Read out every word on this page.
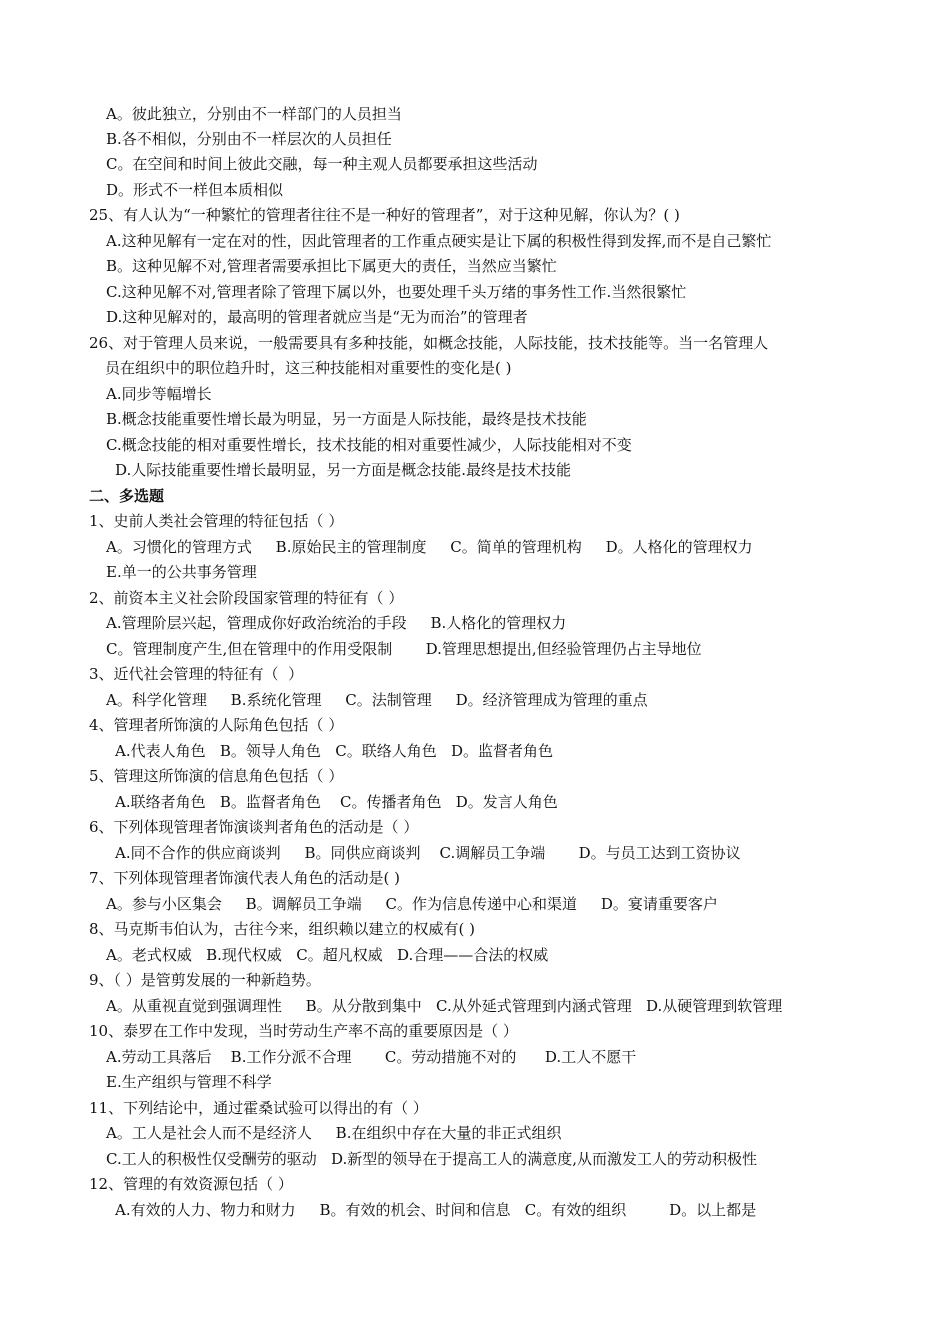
A。彼此独立，分别由不一样部门的人员担当
B.各不相似，分别由不一样层次的人员担任
C。在空间和时间上彼此交融，每一种主观人员都要承担这些活动
D。形式不一样但本质相似
25、有人认为“一种繁忙的管理者往往不是一种好的管理者”，对于这种见解，你认为？( )
A.这种见解有一定在对的性，因此管理者的工作重点硬实是让下属的积极性得到发挥,而不是自己繁忙
B。这种见解不对,管理者需要承担比下属更大的责任，当然应当繁忙
C.这种见解不对,管理者除了管理下属以外，也要处理千头万绪的事务性工作.当然很繁忙
D.这种见解对的，最高明的管理者就应当是“无为而治”的管理者
26、对于管理人员来说，一般需要具有多种技能，如概念技能，人际技能，技术技能等。当一名管理人
员在组织中的职位趋升时，这三种技能相对重要性的变化是( )
A.同步等幅增长
B.概念技能重要性增长最为明显，另一方面是人际技能，最终是技术技能
C.概念技能的相对重要性增长，技术技能的相对重要性减少，人际技能相对不变
D.人际技能重要性增长最明显，另一方面是概念技能.最终是技术技能
二、多选题
1、史前人类社会管理的特征包括（ ）
A。习惯化的管理方式     B.原始民主的管理制度     C。简单的管理机构     D。人格化的管理权力
E.单一的公共事务管理
2、前资本主义社会阶段国家管理的特征有（ ）
A.管理阶层兴起，管理成你好政治统治的手段     B.人格化的管理权力
C。管理制度产生,但在管理中的作用受限制       D.管理思想提出,但经验管理仍占主导地位
3、近代社会管理的特征有（  ）
A。科学化管理     B.系统化管理     C。法制管理     D。经济管理成为管理的重点
4、管理者所饰演的人际角色包括（ ）
A.代表人角色   B。领导人角色   C。联络人角色   D。监督者角色
5、管理这所饰演的信息角色包括（ ）
A.联络者角色   B。监督者角色    C。传播者角色   D。发言人角色
6、下列体现管理者饰演谈判者角色的活动是（ ）
A.同不合作的供应商谈判     B。同供应商谈判    C.调解员工争端       D。与员工达到工资协议
7、下列体现管理者饰演代表人角色的活动是( )
A。参与小区集会     B。调解员工争端     C。作为信息传递中心和渠道     D。宴请重要客户
8、马克斯韦伯认为，古往今来，组织赖以建立的权威有( )
A。老式权威   B.现代权威   C。超凡权威   D.合理——合法的权威
9、（ ）是管剪发展的一种新趋势。
A。从重视直觉到强调理性     B。从分散到集中   C.从外延式管理到内涵式管理   D.从硬管理到软管理
10、泰罗在工作中发现，当时劳动生产率不高的重要原因是（ ）
A.劳动工具落后    B.工作分派不合理       C。劳动措施不对的      D.工人不愿干
E.生产组织与管理不科学
11、下列结论中，通过霍桑试验可以得出的有（ ）
A。工人是社会人而不是经济人     B.在组织中存在大量的非正式组织
C.工人的积极性仅受酬劳的驱动   D.新型的领导在于提高工人的满意度,从而激发工人的劳动积极性
12、管理的有效资源包括（ ）
A.有效的人力、物力和财力     B。有效的机会、时间和信息   C。有效的组织         D。以上都是
